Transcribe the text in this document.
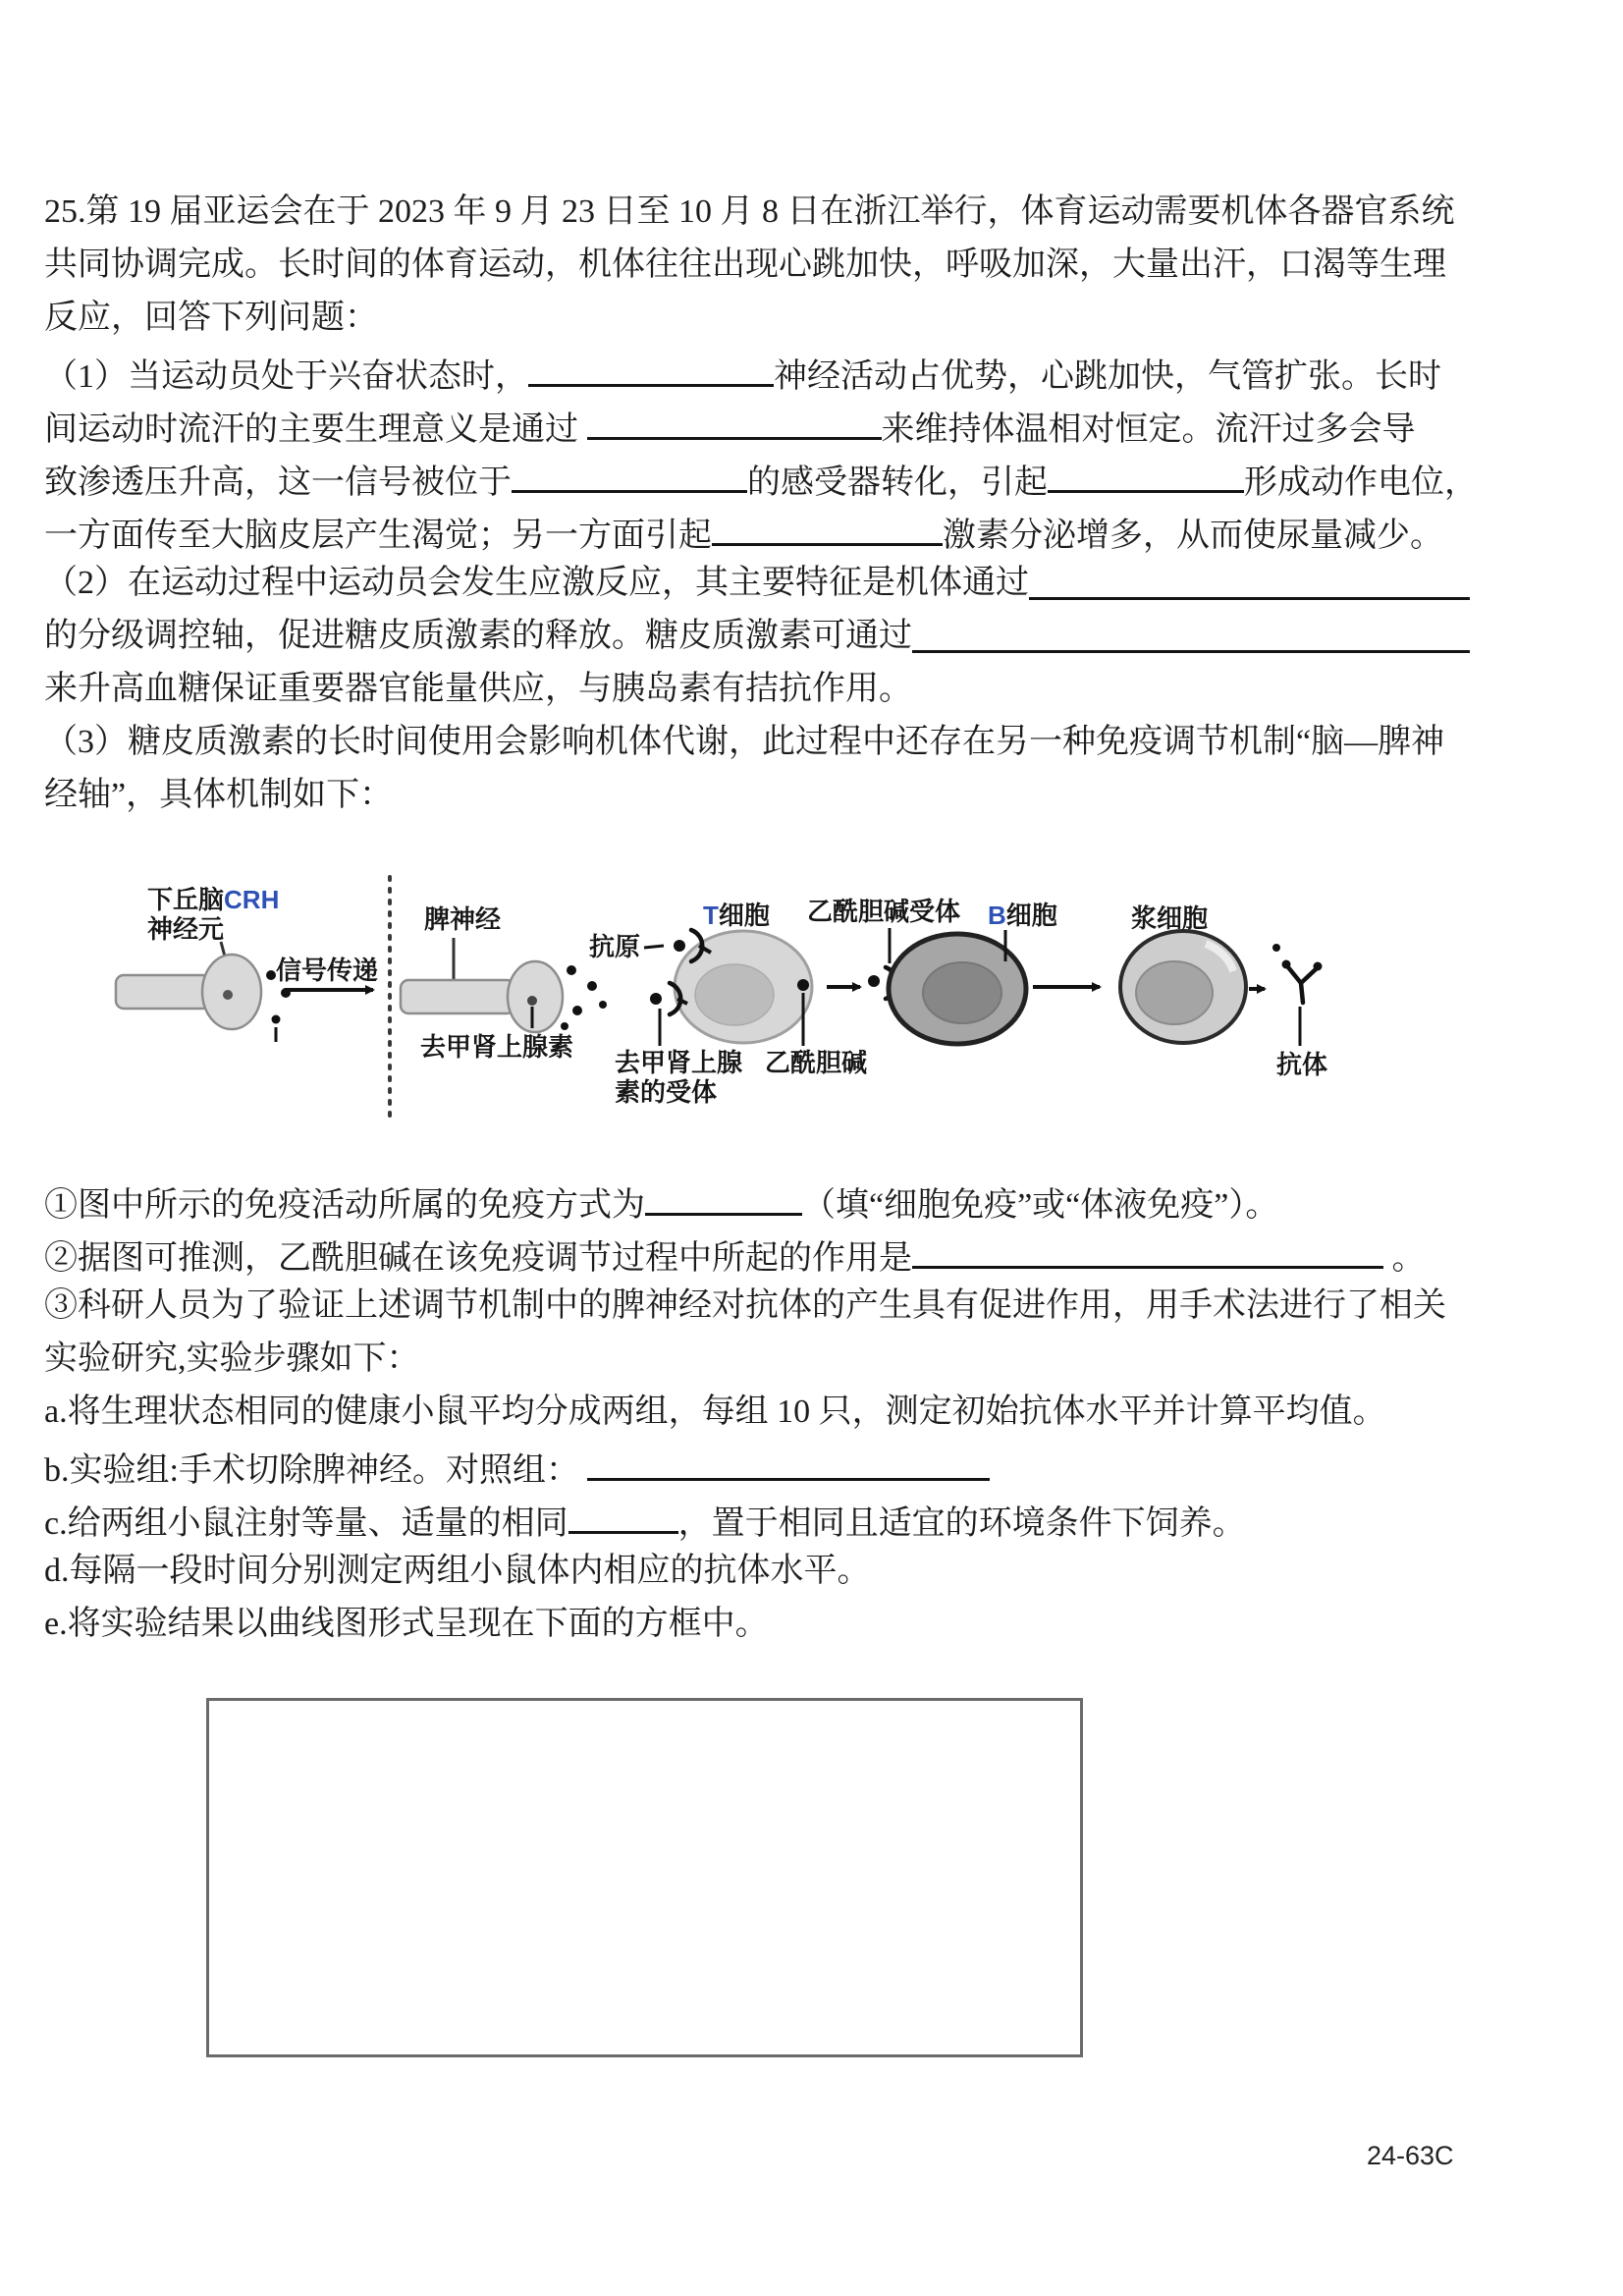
25.第 19 届亚运会在于 2023 年 9 月 23 日至 10 月 8 日在浙江举行，体育运动需要机体各器官系统
共同协调完成。长时间的体育运动，机体往往出现心跳加快，呼吸加深，大量出汗，口渴等生理
反应，回答下列问题：
（1）当运动员处于兴奋状态时，	神经活动占优势，心跳加快，气管扩张。长时
间运动时流汗的主要生理意义是通过	来维持体温相对恒定。流汗过多会导
致渗透压升高，这一信号被位于	的感受器转化，引起	形成动作电位，
一方面传至大脑皮层产生渴觉；另一方面引起	激素分泌增多，从而使尿量减少。
（2）在运动过程中运动员会发生应激反应，其主要特征是机体通过
的分级调控轴，促进糖皮质激素的释放。糖皮质激素可通过
来升高血糖保证重要器官能量供应，与胰岛素有拮抗作用。
（3）糖皮质激素的长时间使用会影响机体代谢，此过程中还存在另一种免疫调节机制“脑—脾神
经轴”，具体机制如下：
下丘脑CRH
神经元
信号传递
脾神经
去甲肾上腺素
抗原
T细胞 乙酰胆碱受体 B细胞	浆细胞
去甲肾上腺
素的受体
乙酰胆碱	抗体
①图中所示的免疫活动所属的免疫方式为	（填“细胞免疫”或“体液免疫”）。
②据图可推测，乙酰胆碱在该免疫调节过程中所起的作用是	。
③科研人员为了验证上述调节机制中的脾神经对抗体的产生具有促进作用，用手术法进行了相关
实验研究,实验步骤如下：
a.将生理状态相同的健康小鼠平均分成两组，每组 10 只，测定初始抗体水平并计算平均值。
b.实验组:手术切除脾神经。对照组：
c.给两组小鼠注射等量、适量的相同	，置于相同且适宜的环境条件下饲养。
d.每隔一段时间分别测定两组小鼠体内相应的抗体水平。
e.将实验结果以曲线图形式呈现在下面的方框中。
24-63C
